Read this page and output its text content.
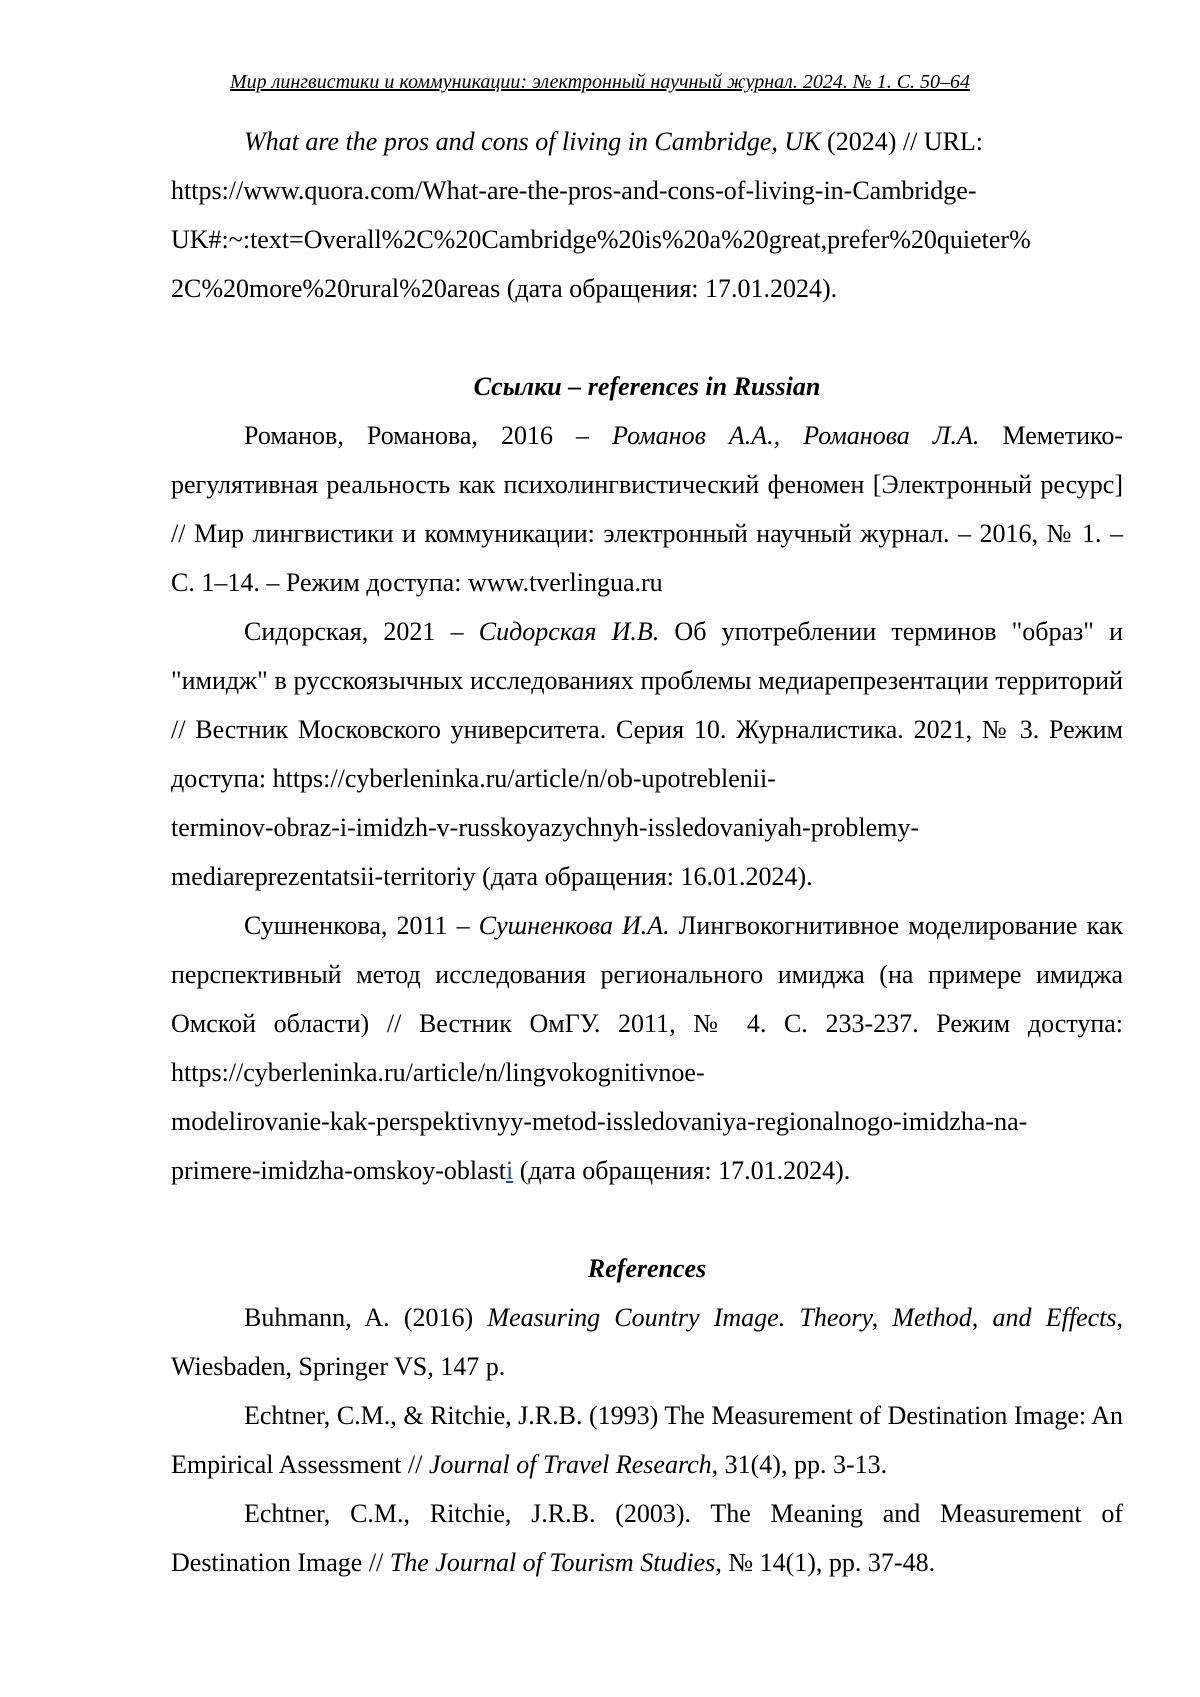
Мир лингвистики и коммуникации: электронный научный журнал. 2024. № 1. С. 50–64

What are the pros and cons of living in Cambridge, UK (2024) // URL:

https://www.quora.com/What-are-the-pros-and-cons-of-living-in-Cambridge-

UK#:~:text=Overall%2C%20Cambridge%20is%20a%20great,prefer%20quieter%

2C%20more%20rural%20areas (дата обращения: 17.01.2024).

Ссылки – references in Russian

Романов, Романова, 2016 – Романов А.А., Романова Л.А. Меметико-регулятивная реальность как психолингвистический феномен [Электронный ресурс] // Мир лингвистики и коммуникации: электронный научный журнал. – 2016, № 1. – С. 1–14. – Режим доступа: www.tverlingua.ru

Сидорская, 2021 – Сидорская И.В. Об употреблении терминов "образ" и "имидж" в русскоязычных исследованиях проблемы медиарепрезентации территорий // Вестник Московского университета. Серия 10. Журналистика. 2021, № 3. Режим доступа: https://cyberleninka.ru/article/n/ob-upotreblenii-

terminov-obraz-i-imidzh-v-russkoyazychnyh-issledovaniyah-problemy-

mediareprezentatsii-territoriy (дата обращения: 16.01.2024).

Сушненкова, 2011 – Сушненкова И.А. Лингвокогнитивное моделирование как перспективный метод исследования регионального имиджа (на примере имиджа Омской области) // Вестник ОмГУ. 2011, № 4. С. 233-237. Режим доступа: https://cyberleninka.ru/article/n/lingvokognitivnoe-

modelirovanie-kak-perspektivnyy-metod-issledovaniya-regionalnogo-imidzha-na-

primere-imidzha-omskoy-oblasti (дата обращения: 17.01.2024).

References

Buhmann, A. (2016) Measuring Country Image. Theory, Method, and Effects, Wiesbaden, Springer VS, 147 p.

Echtner, C.M., & Ritchie, J.R.B. (1993) The Measurement of Destination Image: An Empirical Assessment // Journal of Travel Research, 31(4), pp. 3-13.

Echtner, C.M., Ritchie, J.R.B. (2003). The Meaning and Measurement of Destination Image // The Journal of Tourism Studies, № 14(1), pp. 37-48.
